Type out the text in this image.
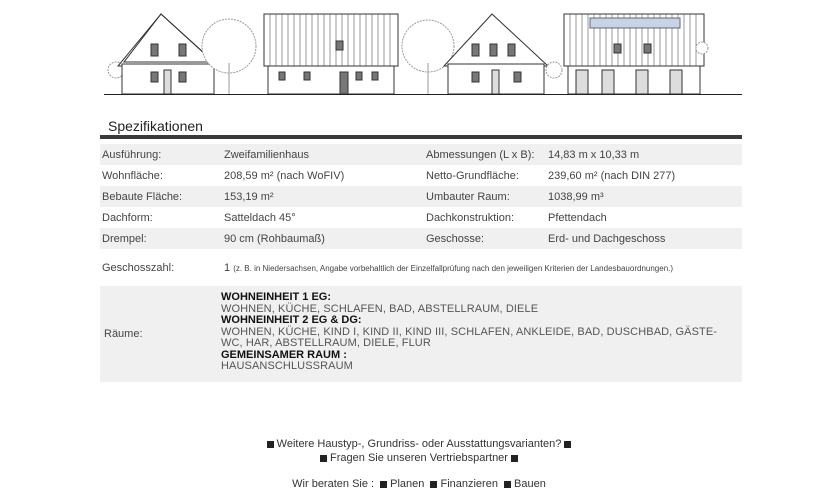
Spezifikationen
Ausführung:	Zweifamilienhaus	Abmessungen (L x B):	14,83 m x 10,33 m
Wohnfläche:	208,59 m² (nach WoFIV)	Netto-Grundfläche:	239,60 m² (nach DIN 277)
Bebaute Fläche:	153,19 m²	Umbauter Raum:	1038,99 m³
Dachform:	Satteldach 45°	Dachkonstruktion:	Pfettendach
Drempel:	90 cm (Rohbaumaß)	Geschosse:	Erd- und Dachgeschoss
Geschosszahl:	1 (z. B. in Niedersachsen, Angabe vorbehaltlich der Einzelfallprüfung nach den jeweiligen Kriterien der Landesbauordnungen.)		
Räume:
WOHNEINHEIT 1 EG:
WOHNEN, KÜCHE, SCHLAFEN, BAD, ABSTELLRAUM, DIELE
WOHNEINHEIT 2 EG & DG:
WOHNEN, KÜCHE, KIND I, KIND II, KIND III, SCHLAFEN, ANKLEIDE, BAD, DUSCHBAD, GÄSTE-WC, HAR, ABSTELLRAUM, DIELE, FLUR
GEMEINSAMER RAUM :
HAUSANSCHLUSSRAUM
Weitere Haustyp-, Grundriss- oder Ausstattungsvarianten?
Fragen Sie unseren Vertriebspartner
Wir beraten Sie : Planen Finanzieren Bauen
